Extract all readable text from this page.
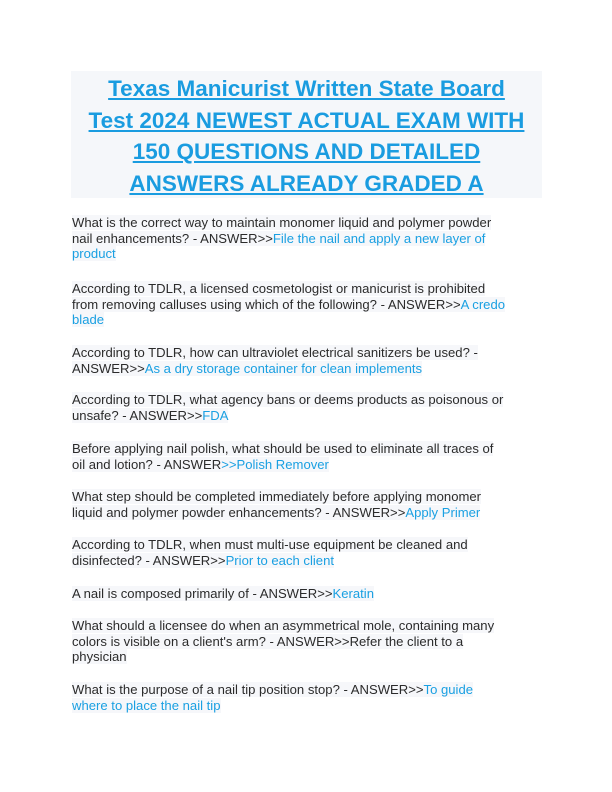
Texas Manicurist Written State Board
Test 2024 NEWEST ACTUAL EXAM WITH
150 QUESTIONS AND DETAILED
ANSWERS ALREADY GRADED A
What is the correct way to maintain monomer liquid and polymer powder
nail enhancements? - ANSWER>>File the nail and apply a new layer of
product
According to TDLR, a licensed cosmetologist or manicurist is prohibited
from removing calluses using which of the following? - ANSWER>>A credo
blade
According to TDLR, how can ultraviolet electrical sanitizers be used? -
ANSWER>>As a dry storage container for clean implements
According to TDLR, what agency bans or deems products as poisonous or
unsafe? - ANSWER>>FDA
Before applying nail polish, what should be used to eliminate all traces of
oil and lotion? - ANSWER>>Polish Remover
What step should be completed immediately before applying monomer
liquid and polymer powder enhancements? - ANSWER>>Apply Primer
According to TDLR, when must multi-use equipment be cleaned and
disinfected? - ANSWER>>Prior to each client
A nail is composed primarily of - ANSWER>>Keratin
What should a licensee do when an asymmetrical mole, containing many
colors is visible on a client's arm? - ANSWER>>Refer the client to a
physician
What is the purpose of a nail tip position stop? - ANSWER>>To guide
where to place the nail tip
